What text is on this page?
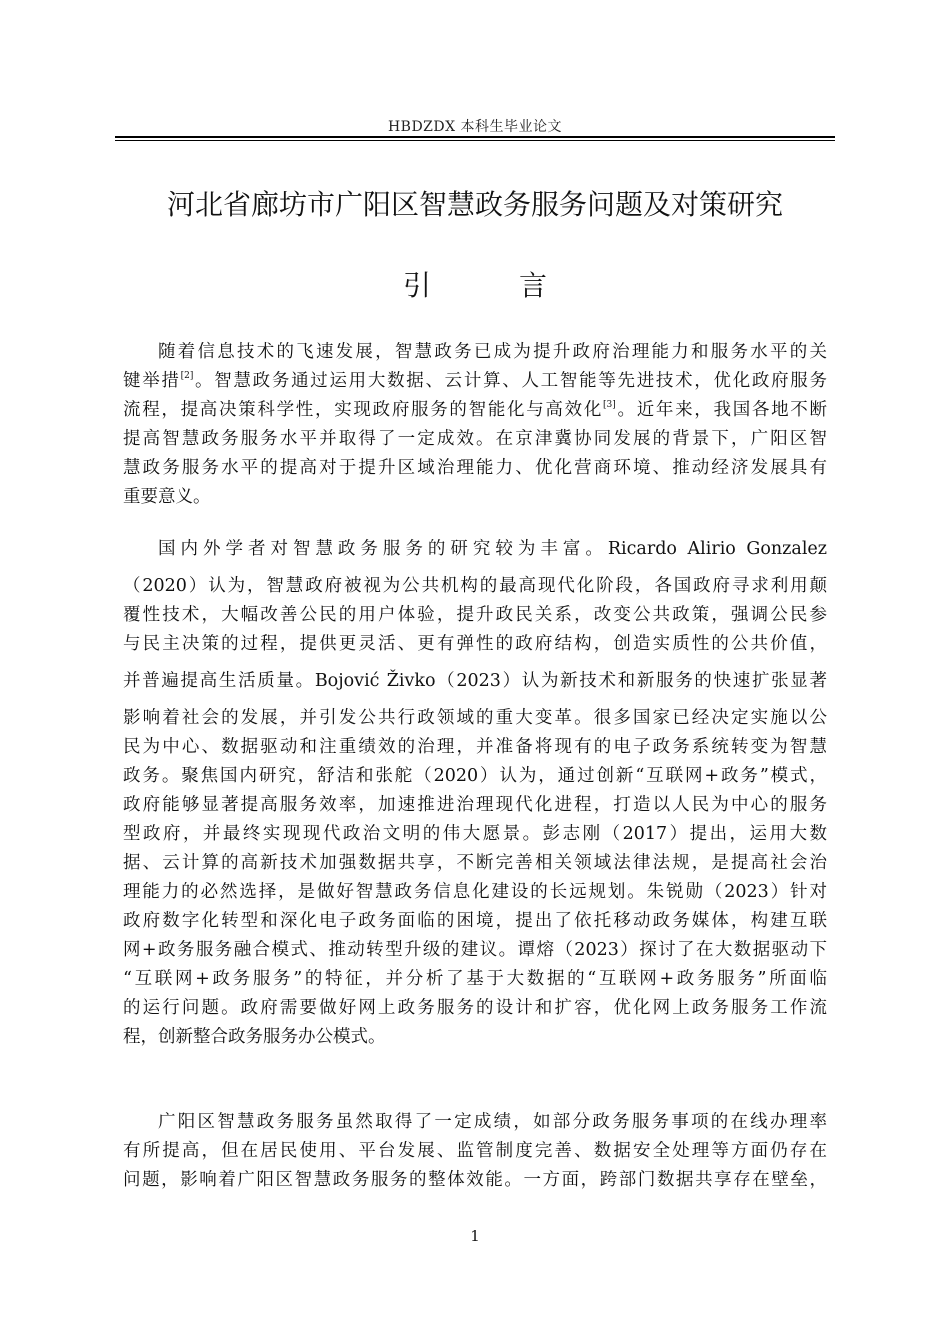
HBDZDX 本科生毕业论文
河北省廊坊市广阳区智慧政务服务问题及对策研究
引　言
随着信息技术的飞速发展，智慧政务已成为提升政府治理能力和服务水平的关
键举措[2]。智慧政务通过运用大数据、云计算、人工智能等先进技术，优化政府服务
流程，提高决策科学性，实现政府服务的智能化与高效化[3]。近年来，我国各地不断
提高智慧政务服务水平并取得了一定成效。在京津冀协同发展的背景下，广阳区智
慧政务服务水平的提高对于提升区域治理能力、优化营商环境、推动经济发展具有
重要意义。
国内外学者对智慧政务服务的研究较为丰富。Ricardo Alirio Gonzalez
（2020）认为，智慧政府被视为公共机构的最高现代化阶段，各国政府寻求利用颠
覆性技术，大幅改善公民的用户体验，提升政民关系，改变公共政策，强调公民参
与民主决策的过程，提供更灵活、更有弹性的政府结构，创造实质性的公共价值，
并普遍提高生活质量。Bojović Živko（2023）认为新技术和新服务的快速扩张显著
影响着社会的发展，并引发公共行政领域的重大变革。很多国家已经决定实施以公
民为中心、数据驱动和注重绩效的治理，并准备将现有的电子政务系统转变为智慧
政务。聚焦国内研究，舒洁和张舵（2020）认为，通过创新“互联网+政务”模式，
政府能够显著提高服务效率，加速推进治理现代化进程，打造以人民为中心的服务
型政府，并最终实现现代政治文明的伟大愿景。彭志刚（2017）提出，运用大数
据、云计算的高新技术加强数据共享，不断完善相关领域法律法规，是提高社会治
理能力的必然选择，是做好智慧政务信息化建设的长远规划。朱锐勋（2023）针对
政府数字化转型和深化电子政务面临的困境，提出了依托移动政务媒体，构建互联
网+政务服务融合模式、推动转型升级的建议。谭熔（2023）探讨了在大数据驱动下
“互联网+政务服务”的特征，并分析了基于大数据的“互联网+政务服务”所面临
的运行问题。政府需要做好网上政务服务的设计和扩容，优化网上政务服务工作流
程，创新整合政务服务办公模式。
广阳区智慧政务服务虽然取得了一定成绩，如部分政务服务事项的在线办理率
有所提高，但在居民使用、平台发展、监管制度完善、数据安全处理等方面仍存在
问题，影响着广阳区智慧政务服务的整体效能。一方面，跨部门数据共享存在壁垒，
1
